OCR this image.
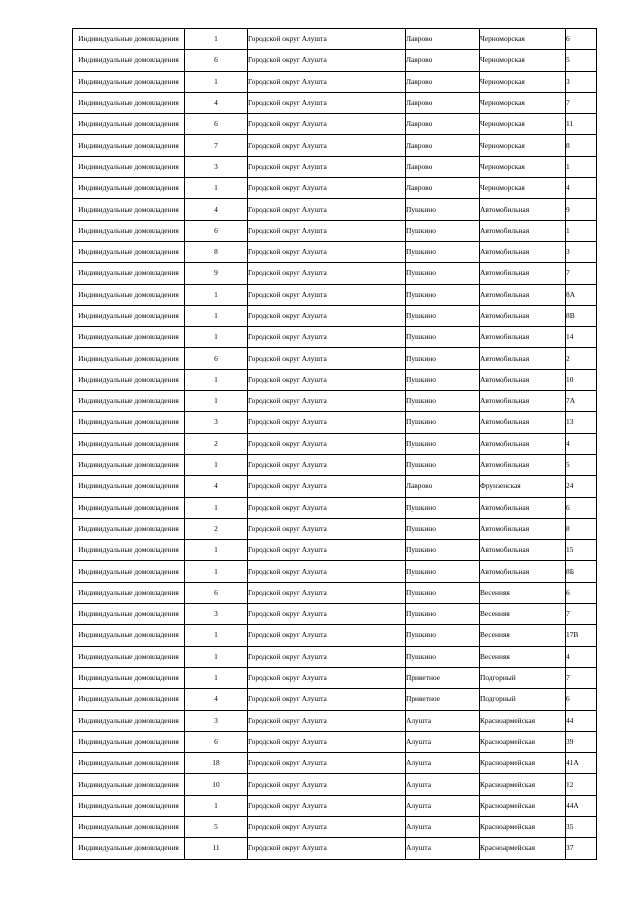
Индивидуальные домовладения	1	Городской округ Алушта	Лаврово	Черноморская	6
Индивидуальные домовладения	6	Городской округ Алушта	Лаврово	Черноморская	5
Индивидуальные домовладения	1	Городской округ Алушта	Лаврово	Черноморская	3
Индивидуальные домовладения	4	Городской округ Алушта	Лаврово	Черноморская	7
Индивидуальные домовладения	6	Городской округ Алушта	Лаврово	Черноморская	11
Индивидуальные домовладения	7	Городской округ Алушта	Лаврово	Черноморская	8
Индивидуальные домовладения	3	Городской округ Алушта	Лаврово	Черноморская	1
Индивидуальные домовладения	1	Городской округ Алушта	Лаврово	Черноморская	4
Индивидуальные домовладения	4	Городской округ Алушта	Пушкино	Автомобильная	9
Индивидуальные домовладения	6	Городской округ Алушта	Пушкино	Автомобильная	1
Индивидуальные домовладения	8	Городской округ Алушта	Пушкино	Автомобильная	3
Индивидуальные домовладения	9	Городской округ Алушта	Пушкино	Автомобильная	7
Индивидуальные домовладения	1	Городской округ Алушта	Пушкино	Автомобильная	8А
Индивидуальные домовладения	1	Городской округ Алушта	Пушкино	Автомобильная	8В
Индивидуальные домовладения	1	Городской округ Алушта	Пушкино	Автомобильная	14
Индивидуальные домовладения	6	Городской округ Алушта	Пушкино	Автомобильная	2
Индивидуальные домовладения	1	Городской округ Алушта	Пушкино	Автомобильная	10
Индивидуальные домовладения	1	Городской округ Алушта	Пушкино	Автомобильная	7А
Индивидуальные домовладения	3	Городской округ Алушта	Пушкино	Автомобильная	13
Индивидуальные домовладения	2	Городской округ Алушта	Пушкино	Автомобильная	4
Индивидуальные домовладения	1	Городской округ Алушта	Пушкино	Автомобильная	5
Индивидуальные домовладения	4	Городской округ Алушта	Лаврово	Фрунзенская	24
Индивидуальные домовладения	1	Городской округ Алушта	Пушкино	Автомобильная	6
Индивидуальные домовладения	2	Городской округ Алушта	Пушкино	Автомобильная	8
Индивидуальные домовладения	1	Городской округ Алушта	Пушкино	Автомобильная	15
Индивидуальные домовладения	1	Городской округ Алушта	Пушкино	Автомобильная	8Б
Индивидуальные домовладения	6	Городской округ Алушта	Пушкино	Весенняя	6
Индивидуальные домовладения	3	Городской округ Алушта	Пушкино	Весенняя	7
Индивидуальные домовладения	1	Городской округ Алушта	Пушкино	Весенняя	17В
Индивидуальные домовладения	1	Городской округ Алушта	Пушкино	Весенняя	4
Индивидуальные домовладения	1	Городской округ Алушта	Приветное	Подгорный	7
Индивидуальные домовладения	4	Городской округ Алушта	Приветное	Подгорный	6
Индивидуальные домовладения	3	Городской округ Алушта	Алушта	Красноармейская	44
Индивидуальные домовладения	6	Городской округ Алушта	Алушта	Красноармейская	39
Индивидуальные домовладения	18	Городской округ Алушта	Алушта	Красноармейская	41А
Индивидуальные домовладения	10	Городской округ Алушта	Алушта	Красноармейская	12
Индивидуальные домовладения	1	Городской округ Алушта	Алушта	Красноармейская	44А
Индивидуальные домовладения	5	Городской округ Алушта	Алушта	Красноармейская	35
Индивидуальные домовладения	11	Городской округ Алушта	Алушта	Красноармейская	37
